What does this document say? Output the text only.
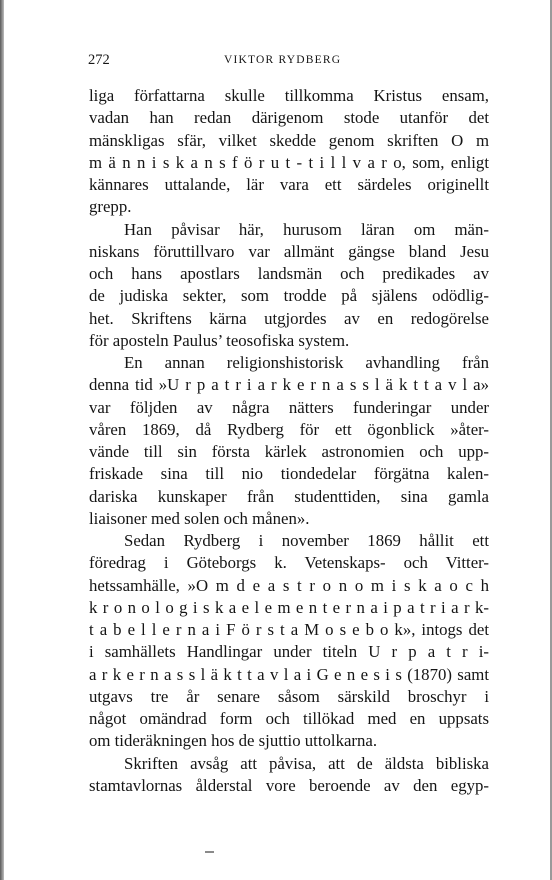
272	VIKTOR RYDBERG
liga författarna skulle tillkomma Kristus ensam,
vadan han redan därigenom stode utanför det
mänskligas sfär, vilket skedde genom skriften O m
m ä n n i s k a n s f ö r u t - t i l l v a r o, som, enligt
kännares uttalande, lär vara ett särdeles originellt
grepp.
Han påvisar här, hurusom läran om män-
niskans föruttillvaro var allmänt gängse bland Jesu
och hans apostlars landsmän och predikades av
de judiska sekter, som trodde på själens odödlig-
het. Skriftens kärna utgjordes av en redogörelse
för aposteln Paulus’ teosofiska system.
En annan religionshistorisk avhandling från
denna tid »U r p a t r i a r k e r n a s s l ä k t t a v l a»
var följden av några nätters funderingar under
våren 1869, då Rydberg för ett ögonblick »åter-
vände till sin första kärlek astronomien och upp-
friskade sina till nio tiondedelar förgätna kalen-
dariska kunskaper från studenttiden, sina gamla
liaisoner med solen och månen».
Sedan Rydberg i november 1869 hållit ett
föredrag i Göteborgs k. Vetenskaps- och Vitter-
hetssamhälle, »O m d e a s t r o n o m i s k a o c h
k r o n o l o g i s k a e l e m e n t e r n a i p a t r i a r k-
t a b e l l e r n a i F ö r s t a M o s e b o k», intogs det
i samhällets Handlingar under titeln U r p a t r i-
a r k e r n a s s l ä k t t a v l a i G e n e s i s (1870) samt
utgavs tre år senare såsom särskild broschyr i
något omändrad form och tillökad med en uppsats
om tideräkningen hos de sjuttio uttolkarna.
Skriften avsåg att påvisa, att de äldsta bibliska
stamtavlornas ålderstal vore beroende av den egyp-
